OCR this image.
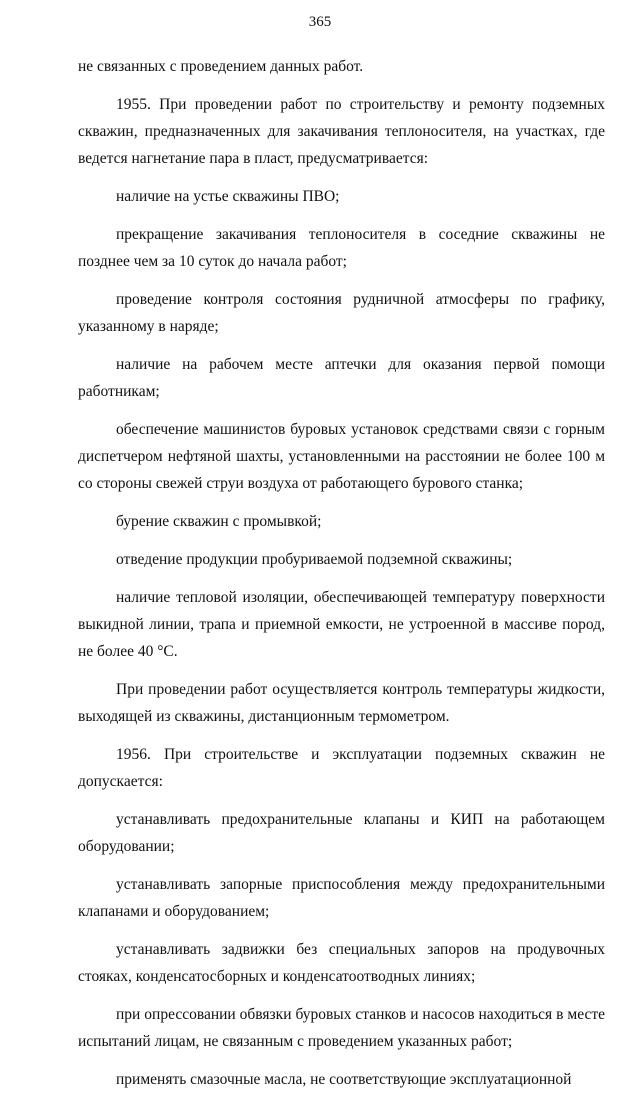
365

не связанных с проведением данных работ.

1955. При проведении работ по строительству и ремонту подземных скважин, предназначенных для закачивания теплоносителя, на участках, где ведется нагнетание пара в пласт, предусматривается:

наличие на устье скважины ПВО;

прекращение закачивания теплоносителя в соседние скважины не позднее чем за 10 суток до начала работ;

проведение контроля состояния рудничной атмосферы по графику, указанному в наряде;

наличие на рабочем месте аптечки для оказания первой помощи работникам;

обеспечение машинистов буровых установок средствами связи с горным диспетчером нефтяной шахты, установленными на расстоянии не более 100 м со стороны свежей струи воздуха от работающего бурового станка;

бурение скважин с промывкой;

отведение продукции пробуриваемой подземной скважины;

наличие тепловой изоляции, обеспечивающей температуру поверхности выкидной линии, трапа и приемной емкости, не устроенной в массиве пород, не более 40 °С.

При проведении работ осуществляется контроль температуры жидкости, выходящей из скважины, дистанционным термометром.

1956. При строительстве и эксплуатации подземных скважин не допускается:

устанавливать предохранительные клапаны и КИП на работающем оборудовании;

устанавливать запорные приспособления между предохранительными клапанами и оборудованием;

устанавливать задвижки без специальных запоров на продувочных стояках, конденсатосборных и конденсатоотводных линиях;

при опрессовании обвязки буровых станков и насосов находиться в месте испытаний лицам, не связанным с проведением указанных работ;

применять смазочные масла, не соответствующие эксплуатационной
